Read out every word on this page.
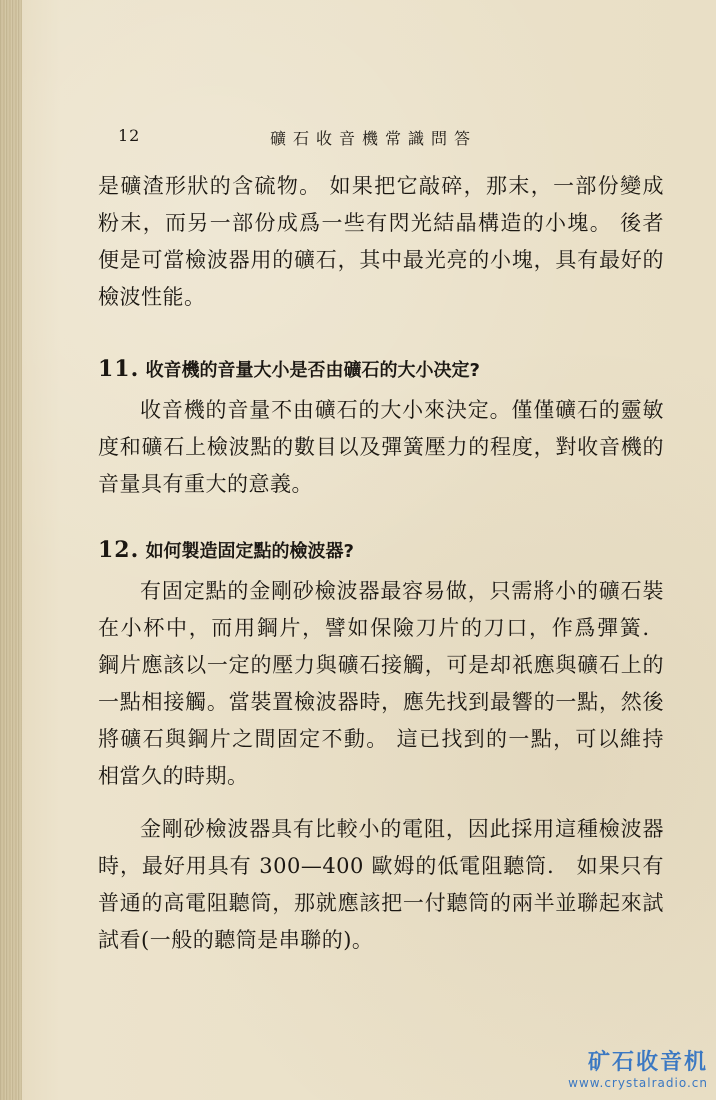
12	礦石收音機常識問答

是礦渣形狀的含硫物。 如果把它敲碎，那末，一部份變成粉末，而另一部份成爲一些有閃光結晶構造的小塊。 後者便是可當檢波器用的礦石，其中最光亮的小塊，具有最好的檢波性能。

11. 收音機的音量大小是否由礦石的大小决定?

收音機的音量不由礦石的大小來決定。僅僅礦石的靈敏度和礦石上檢波點的數目以及彈簧壓力的程度，對收音機的音量具有重大的意義。

12. 如何製造固定點的檢波器?

有固定點的金剛砂檢波器最容易做，只需將小的礦石裝在小杯中，而用鋼片，譬如保險刀片的刀口，作爲彈簧． 鋼片應該以一定的壓力與礦石接觸，可是却祇應與礦石上的一點相接觸。當裝置檢波器時，應先找到最響的一點，然後將礦石與鋼片之間固定不動。 這已找到的一點，可以維持相當久的時期。

金剛砂檢波器具有比較小的電阻，因此採用這種檢波器時，最好用具有 300—400 歐姆的低電阻聽筒． 如果只有普通的高電阻聽筒，那就應該把一付聽筒的兩半並聯起來試試看(一般的聽筒是串聯的)。

矿石收音机
www.crystalradio.cn
